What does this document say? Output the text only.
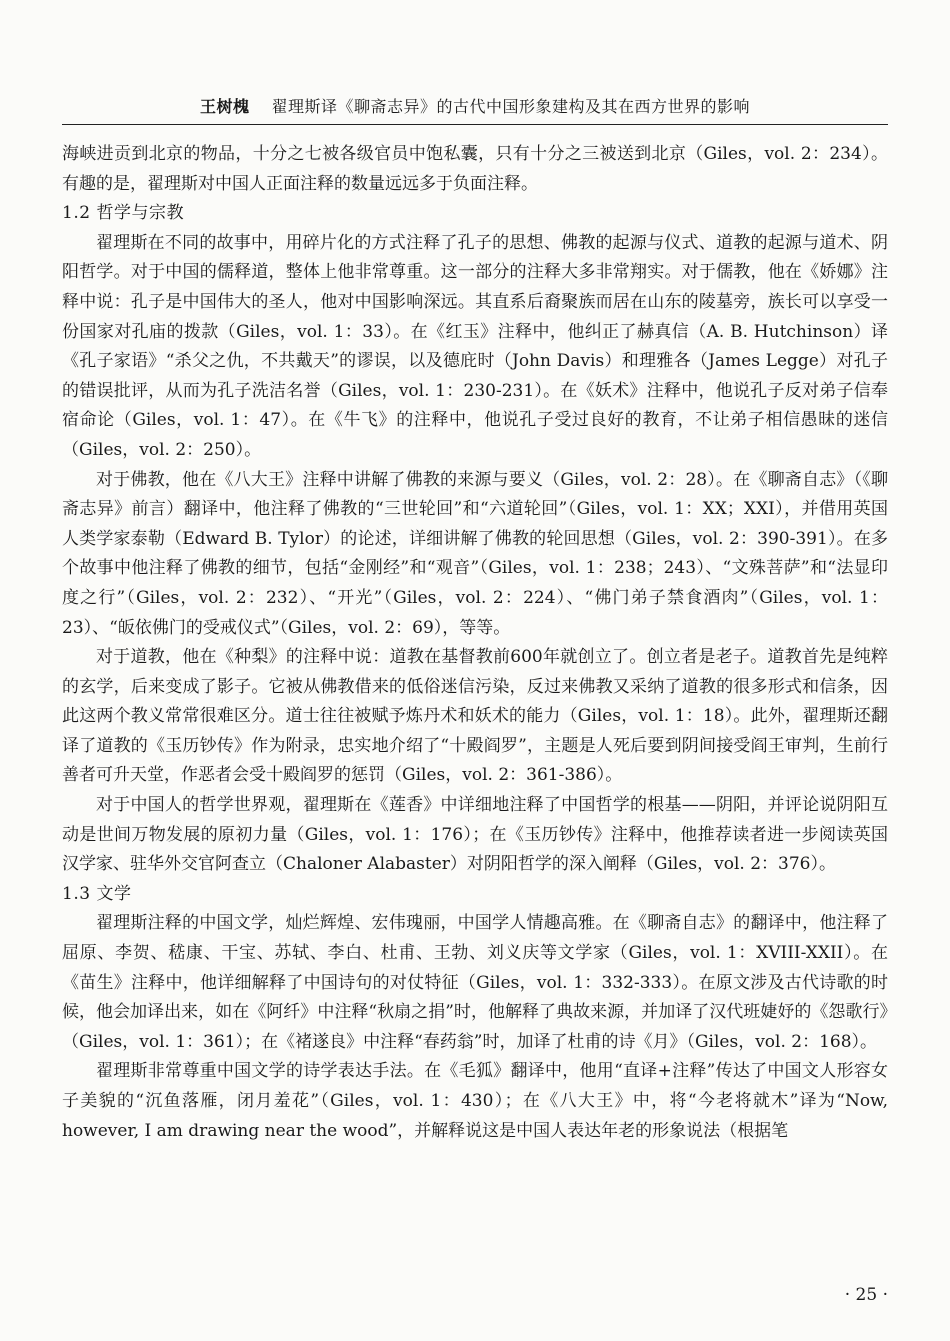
王树槐 翟理斯译《聊斋志异》的古代中国形象建构及其在西方世界的影响

海峡进贡到北京的物品，十分之七被各级官员中饱私囊，只有十分之三被送到北京（Giles，vol. 2：234）。有趣的是，翟理斯对中国人正面注释的数量远远多于负面注释。

1.2 哲学与宗教

翟理斯在不同的故事中，用碎片化的方式注释了孔子的思想、佛教的起源与仪式、道教的起源与道术、阴阳哲学。对于中国的儒释道，整体上他非常尊重。这一部分的注释大多非常翔实。对于儒教，他在《娇娜》注释中说：孔子是中国伟大的圣人，他对中国影响深远。其直系后裔聚族而居在山东的陵墓旁，族长可以享受一份国家对孔庙的拨款（Giles，vol. 1：33）。在《红玉》注释中，他纠正了赫真信（A. B. Hutchinson）译《孔子家语》“杀父之仇，不共戴天”的谬误，以及德庇时（John Davis）和理雅各（James Legge）对孔子的错误批评，从而为孔子洗洁名誉（Giles，vol. 1：230-231）。在《妖术》注释中，他说孔子反对弟子信奉宿命论（Giles，vol. 1：47）。在《牛飞》的注释中，他说孔子受过良好的教育，不让弟子相信愚昧的迷信（Giles，vol. 2：250）。

对于佛教，他在《八大王》注释中讲解了佛教的来源与要义（Giles，vol. 2：28）。在《聊斋自志》（《聊斋志异》前言）翻译中，他注释了佛教的“三世轮回”和“六道轮回”（Giles，vol. 1：XX；XXI），并借用英国人类学家泰勒（Edward B. Tylor）的论述，详细讲解了佛教的轮回思想（Giles，vol. 2：390-391）。在多个故事中他注释了佛教的细节，包括“金刚经”和“观音”（Giles，vol. 1：238；243）、“文殊菩萨”和“法显印度之行”（Giles，vol. 2：232）、“开光”（Giles，vol. 2：224）、“佛门弟子禁食酒肉”（Giles，vol. 1：23）、“皈依佛门的受戒仪式”（Giles，vol. 2：69），等等。

对于道教，他在《种梨》的注释中说：道教在基督教前600年就创立了。创立者是老子。道教首先是纯粹的玄学，后来变成了影子。它被从佛教借来的低俗迷信污染，反过来佛教又采纳了道教的很多形式和信条，因此这两个教义常常很难区分。道士往往被赋予炼丹术和妖术的能力（Giles，vol. 1：18）。此外，翟理斯还翻译了道教的《玉历钞传》作为附录，忠实地介绍了“十殿阎罗”，主题是人死后要到阴间接受阎王审判，生前行善者可升天堂，作恶者会受十殿阎罗的惩罚（Giles，vol. 2：361-386）。

对于中国人的哲学世界观，翟理斯在《莲香》中详细地注释了中国哲学的根基——阴阳，并评论说阴阳互动是世间万物发展的原初力量（Giles，vol. 1：176）；在《玉历钞传》注释中，他推荐读者进一步阅读英国汉学家、驻华外交官阿查立（Chaloner Alabaster）对阴阳哲学的深入阐释（Giles，vol. 2：376）。

1.3 文学

翟理斯注释的中国文学，灿烂辉煌、宏伟瑰丽，中国学人情趣高雅。在《聊斋自志》的翻译中，他注释了屈原、李贺、嵇康、干宝、苏轼、李白、杜甫、王勃、刘义庆等文学家（Giles，vol. 1：XVIII-XXII）。在《苗生》注释中，他详细解释了中国诗句的对仗特征（Giles，vol. 1：332-333）。在原文涉及古代诗歌的时候，他会加译出来，如在《阿纤》中注释“秋扇之捐”时，他解释了典故来源，并加译了汉代班婕妤的《怨歌行》（Giles，vol. 1：361）；在《褚遂良》中注释“春药翁”时，加译了杜甫的诗《月》（Giles，vol. 2：168）。

翟理斯非常尊重中国文学的诗学表达手法。在《毛狐》翻译中，他用“直译+注释”传达了中国文人形容女子美貌的“沉鱼落雁，闭月羞花”（Giles，vol. 1：430）；在《八大王》中，将“今老将就木”译为“Now, however, I am drawing near the wood”，并解释说这是中国人表达年老的形象说法（根据笔

· 25 ·
